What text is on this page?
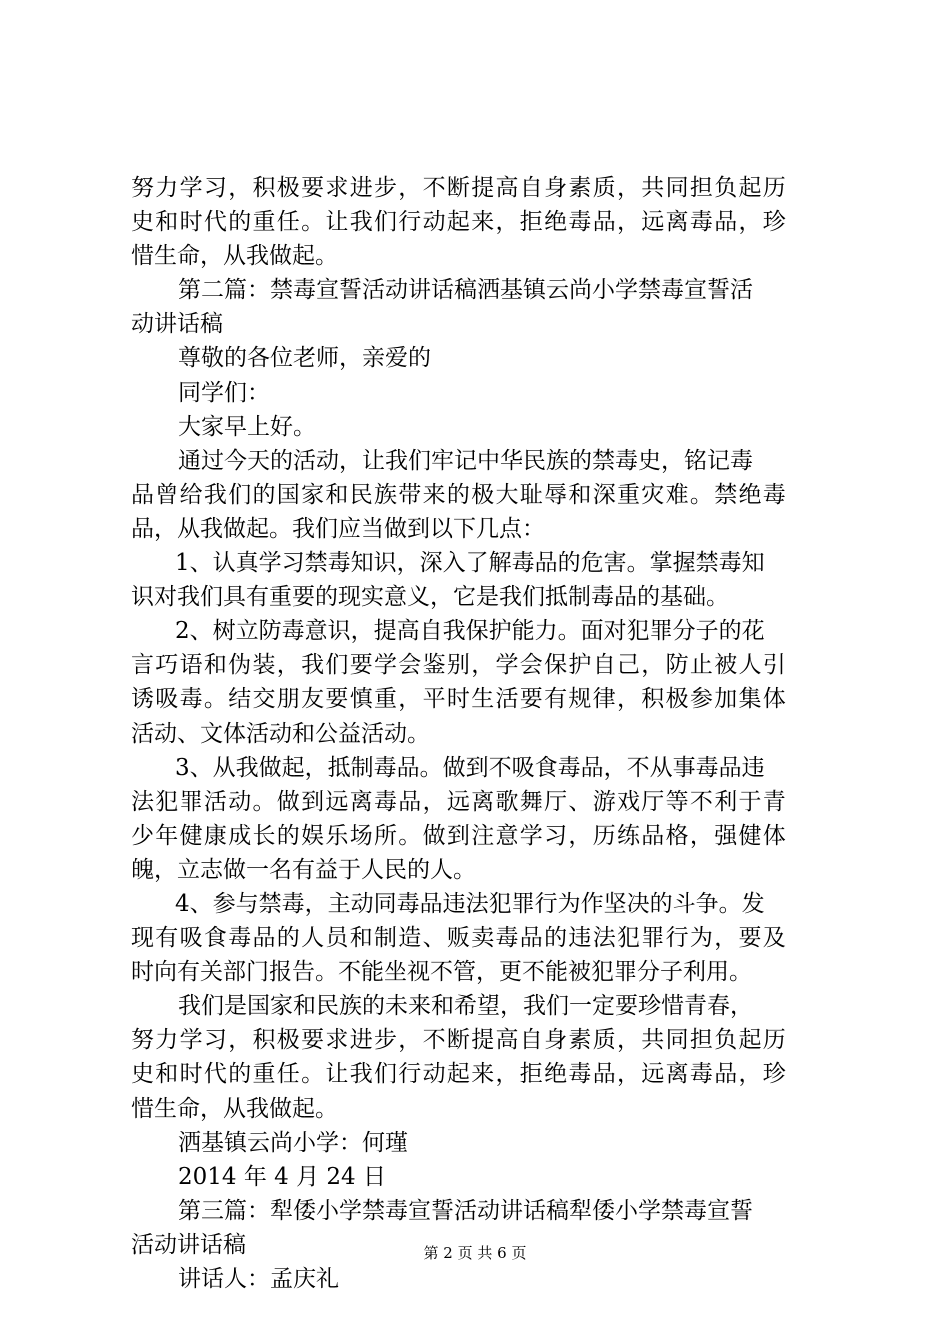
努力学习，积极要求进步，不断提高自身素质，共同担负起历
史和时代的重任。让我们行动起来，拒绝毒品，远离毒品，珍
惜生命，从我做起。
第二篇：禁毒宣誓活动讲话稿洒基镇云尚小学禁毒宣誓活
动讲话稿
尊敬的各位老师，亲爱的
同学们：
大家早上好。
通过今天的活动，让我们牢记中华民族的禁毒史，铭记毒
品曾给我们的国家和民族带来的极大耻辱和深重灾难。禁绝毒
品，从我做起。我们应当做到以下几点：
1、认真学习禁毒知识，深入了解毒品的危害。掌握禁毒知
识对我们具有重要的现实意义，它是我们抵制毒品的基础。
2、树立防毒意识，提高自我保护能力。面对犯罪分子的花
言巧语和伪装，我们要学会鉴别，学会保护自己，防止被人引
诱吸毒。结交朋友要慎重，平时生活要有规律，积极参加集体
活动、文体活动和公益活动。
3、从我做起，抵制毒品。做到不吸食毒品，不从事毒品违
法犯罪活动。做到远离毒品，远离歌舞厅、游戏厅等不利于青
少年健康成长的娱乐场所。做到注意学习，历练品格，强健体
魄，立志做一名有益于人民的人。
4、参与禁毒，主动同毒品违法犯罪行为作坚决的斗争。发
现有吸食毒品的人员和制造、贩卖毒品的违法犯罪行为，要及
时向有关部门报告。不能坐视不管，更不能被犯罪分子利用。
我们是国家和民族的未来和希望，我们一定要珍惜青春，
努力学习，积极要求进步，不断提高自身素质，共同担负起历
史和时代的重任。让我们行动起来，拒绝毒品，远离毒品，珍
惜生命，从我做起。
洒基镇云尚小学：何瑾
2014 年 4 月 24 日
第三篇：犁倭小学禁毒宣誓活动讲话稿犁倭小学禁毒宣誓
活动讲话稿
讲话人：孟庆礼
第 2 页 共 6 页
